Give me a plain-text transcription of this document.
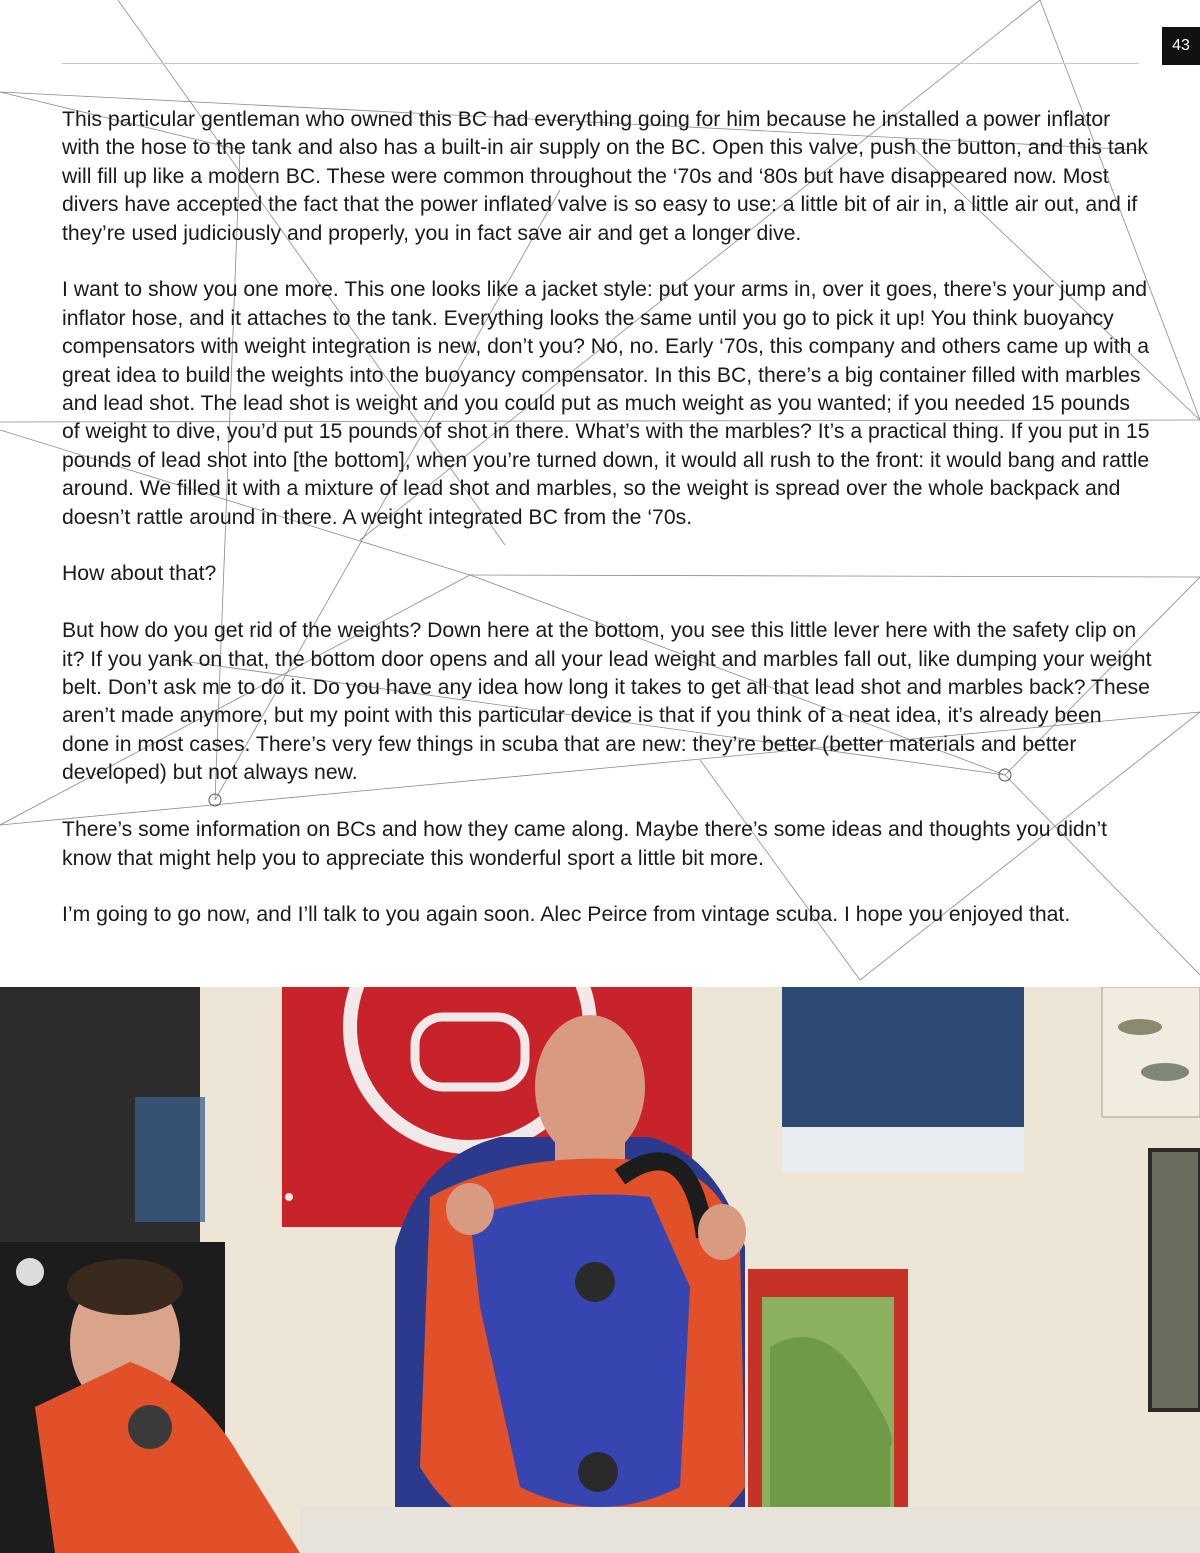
43

This particular gentleman who owned this BC had everything going for him because he installed a power inflator with the hose to the tank and also has a built-in air supply on the BC. Open this valve, push the button, and this tank will fill up like a modern BC. These were common throughout the ‘70s and ‘80s but have disappeared now. Most divers have accepted the fact that the power inflated valve is so easy to use: a little bit of air in, a little air out, and if they’re used judiciously and properly, you in fact save air and get a longer dive.

I want to show you one more. This one looks like a jacket style: put your arms in, over it goes, there’s your jump and inflator hose, and it attaches to the tank. Everything looks the same until you go to pick it up! You think buoyancy compensators with weight integration is new, don’t you? No, no. Early ‘70s, this company and others came up with a great idea to build the weights into the buoyancy compensator. In this BC, there’s a big container filled with marbles and lead shot. The lead shot is weight and you could put as much weight as you wanted; if you needed 15 pounds of weight to dive, you’d put 15 pounds of shot in there. What’s with the marbles? It’s a practical thing. If you put in 15 pounds of lead shot into [the bottom], when you’re turned down, it would all rush to the front: it would bang and rattle around. We filled it with a mixture of lead shot and marbles, so the weight is spread over the whole backpack and doesn’t rattle around in there. A weight integrated BC from the ‘70s.

How about that?

But how do you get rid of the weights? Down here at the bottom, you see this little lever here with the safety clip on it? If you yank on that, the bottom door opens and all your lead weight and marbles fall out, like dumping your weight belt. Don’t ask me to do it. Do you have any idea how long it takes to get all that lead shot and marbles back? These aren’t made anymore, but my point with this particular device is that if you think of a neat idea, it’s already been done in most cases. There’s very few things in scuba that are new: they’re better (better materials and better developed) but not always new.

There’s some information on BCs and how they came along. Maybe there’s some ideas and thoughts you didn’t know that might help you to appreciate this wonderful sport a little bit more.

I’m going to go now, and I’ll talk to you again soon. Alec Peirce from vintage scuba. I hope you enjoyed that.
